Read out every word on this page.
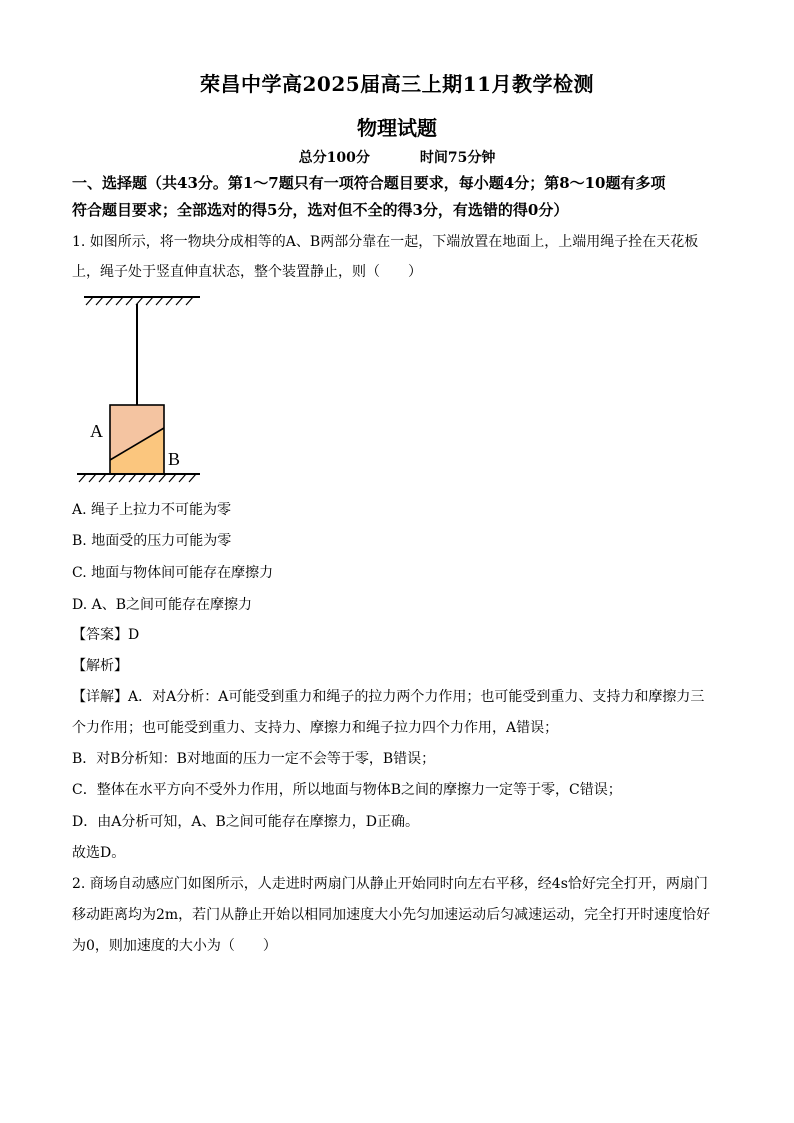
荣昌中学高2025届高三上期11月教学检测
物理试题
总分100分	时间75分钟
一、选择题（共43分。第1～7题只有一项符合题目要求，每小题4分；第8～10题有多项
符合题目要求；全部选对的得5分，选对但不全的得3分，有选错的得0分）
1. 如图所示，将一物块分成相等的A、B两部分靠在一起，下端放置在地面上，上端用绳子拴在天花板
上，绳子处于竖直伸直状态，整个装置静止，则（　　）
A
B
A. 绳子上拉力不可能为零
B. 地面受的压力可能为零
C. 地面与物体间可能存在摩擦力
D. A、B之间可能存在摩擦力
【答案】D
【解析】
【详解】A．对A分析：A可能受到重力和绳子的拉力两个力作用；也可能受到重力、支持力和摩擦力三
个力作用；也可能受到重力、支持力、摩擦力和绳子拉力四个力作用，A错误；
B．对B分析知：B对地面的压力一定不会等于零，B错误；
C．整体在水平方向不受外力作用，所以地面与物体B之间的摩擦力一定等于零，C错误；
D．由A分析可知，A、B之间可能存在摩擦力，D正确。
故选D。
2. 商场自动感应门如图所示，人走进时两扇门从静止开始同时向左右平移，经4s恰好完全打开，两扇门
移动距离均为2m，若门从静止开始以相同加速度大小先匀加速运动后匀减速运动，完全打开时速度恰好
为0，则加速度的大小为（　　）
